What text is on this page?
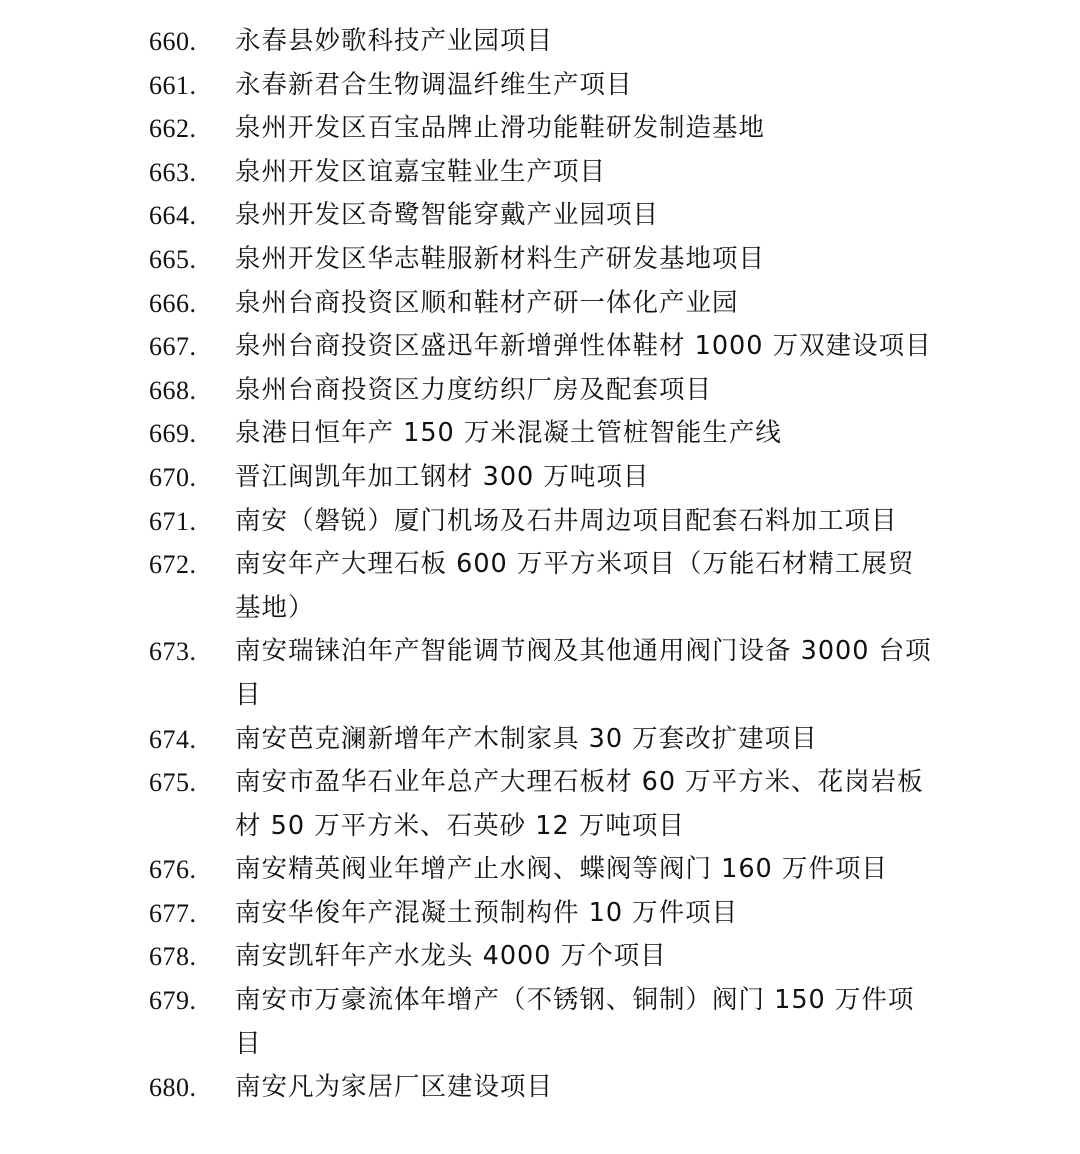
660.	永春县妙歌科技产业园项目
661.	永春新君合生物调温纤维生产项目
662.	泉州开发区百宝品牌止滑功能鞋研发制造基地
663.	泉州开发区谊嘉宝鞋业生产项目
664.	泉州开发区奇鹭智能穿戴产业园项目
665.	泉州开发区华志鞋服新材料生产研发基地项目
666.	泉州台商投资区顺和鞋材产研一体化产业园
667.	泉州台商投资区盛迅年新增弹性体鞋材 1000 万双建设项目
668.	泉州台商投资区力度纺织厂房及配套项目
669.	泉港日恒年产 150 万米混凝土管桩智能生产线
670.	晋江闽凯年加工钢材 300 万吨项目
671.	南安（磐锐）厦门机场及石井周边项目配套石料加工项目
672.	南安年产大理石板 600 万平方米项目（万能石材精工展贸基地）
673.	南安瑞铼泊年产智能调节阀及其他通用阀门设备 3000 台项目
674.	南安芭克澜新增年产木制家具 30 万套改扩建项目
675.	南安市盈华石业年总产大理石板材 60 万平方米、花岗岩板材 50 万平方米、石英砂 12 万吨项目
676.	南安精英阀业年增产止水阀、蝶阀等阀门 160 万件项目
677.	南安华俊年产混凝土预制构件 10 万件项目
678.	南安凯轩年产水龙头 4000 万个项目
679.	南安市万豪流体年增产（不锈钢、铜制）阀门 150 万件项目
680.	南安凡为家居厂区建设项目
